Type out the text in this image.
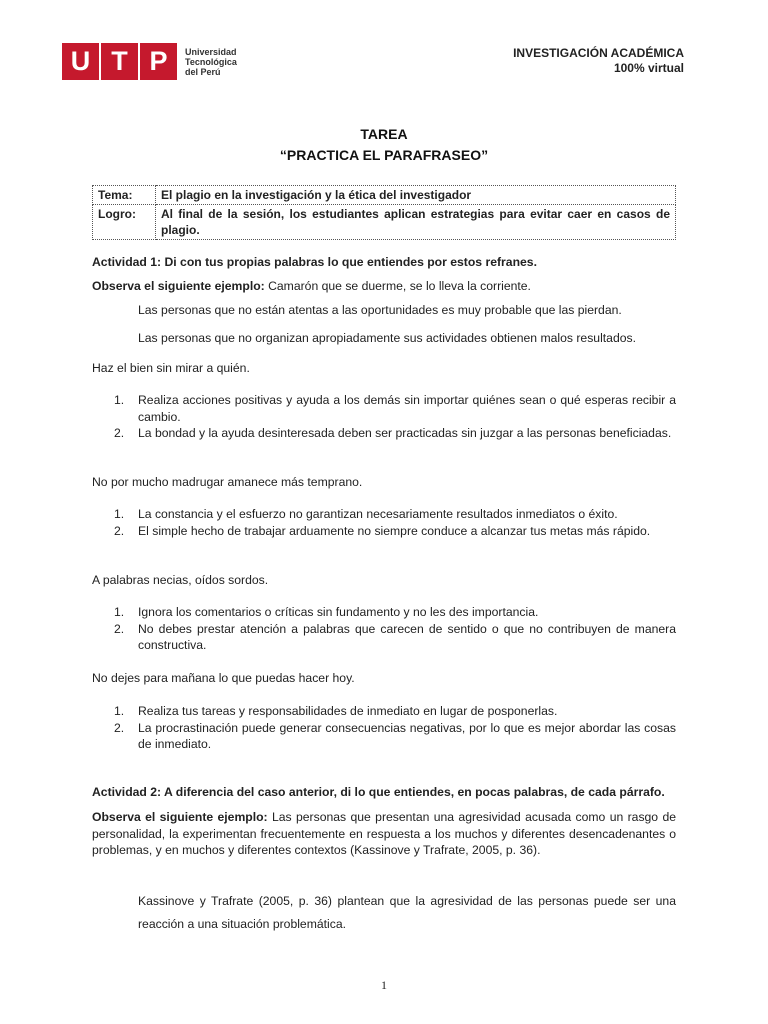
U T P	Universidad
Tecnológica
del Perú
INVESTIGACIÓN ACADÉMICA
100% virtual
TAREA
“PRACTICA EL PARAFRASEO”
Tema:	El plagio en la investigación y la ética del investigador
Logro:	Al final de la sesión, los estudiantes aplican estrategias para evitar caer en casos de plagio.
Actividad 1: Di con tus propias palabras lo que entiendes por estos refranes.
Observa el siguiente ejemplo: Camarón que se duerme, se lo lleva la corriente.
Las personas que no están atentas a las oportunidades es muy probable que las pierdan.
Las personas que no organizan apropiadamente sus actividades obtienen malos resultados.
Haz el bien sin mirar a quién.
1. Realiza acciones positivas y ayuda a los demás sin importar quiénes sean o qué esperas recibir a cambio.
2. La bondad y la ayuda desinteresada deben ser practicadas sin juzgar a las personas beneficiadas.
No por mucho madrugar amanece más temprano.
1. La constancia y el esfuerzo no garantizan necesariamente resultados inmediatos o éxito.
2. El simple hecho de trabajar arduamente no siempre conduce a alcanzar tus metas más rápido.
A palabras necias, oídos sordos.
1. Ignora los comentarios o críticas sin fundamento y no les des importancia.
2. No debes prestar atención a palabras que carecen de sentido o que no contribuyen de manera constructiva.
No dejes para mañana lo que puedas hacer hoy.
1. Realiza tus tareas y responsabilidades de inmediato en lugar de posponerlas.
2. La procrastinación puede generar consecuencias negativas, por lo que es mejor abordar las cosas de inmediato.
Actividad 2: A diferencia del caso anterior, di lo que entiendes, en pocas palabras, de cada párrafo.
Observa el siguiente ejemplo: Las personas que presentan una agresividad acusada como un rasgo de personalidad, la experimentan frecuentemente en respuesta a los muchos y diferentes desencadenantes o problemas, y en muchos y diferentes contextos (Kassinove y Trafrate, 2005, p. 36).
Kassinove y Trafrate (2005, p. 36) plantean que la agresividad de las personas puede ser una reacción a una situación problemática.
1
